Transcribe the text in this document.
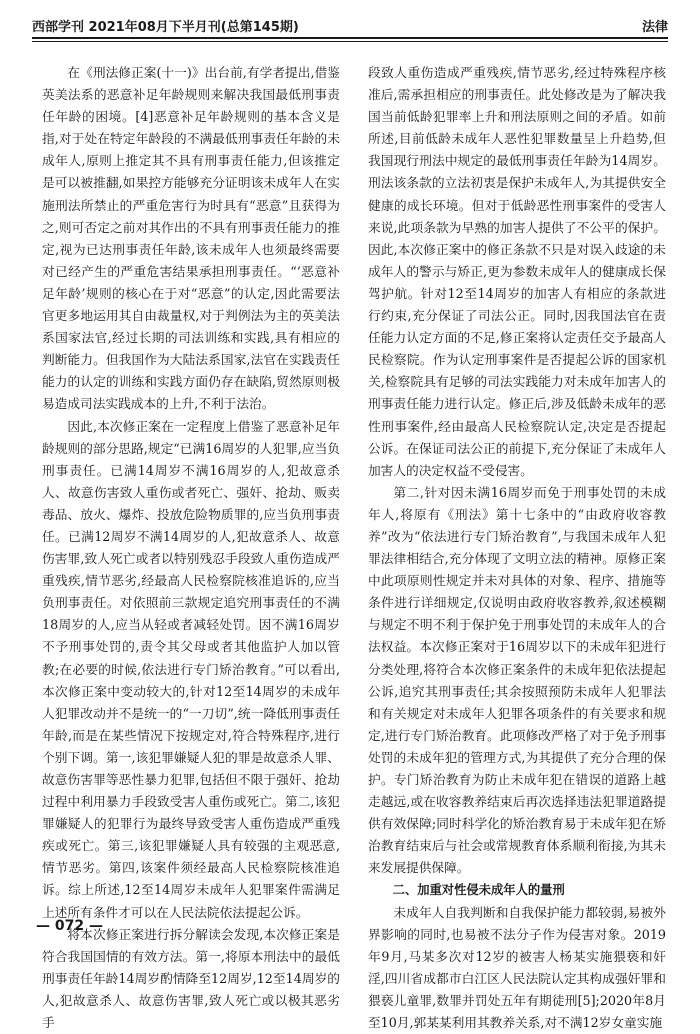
西部学刊 2021年08月下半月刊(总第145期)	法律

在《刑法修正案(十一)》出台前,有学者提出,借鉴英美法系的恶意补足年龄规则来解决我国最低刑事责任年龄的困境。[4]恶意补足年龄规则的基本含义是指,对于处在特定年龄段的不满最低刑事责任年龄的未成年人,原则上推定其不具有刑事责任能力,但该推定是可以被推翻,如果控方能够充分证明该未成年人在实施刑法所禁止的严重危害行为时具有“恶意”且获得为之,则可否定之前对其作出的不具有刑事责任能力的推定,视为已达刑事责任年龄,该未成年人也须最终需要对已经产生的严重危害结果承担刑事责任。“‘恶意补足年龄’规则的核心在于对“恶意”的认定,因此需要法官更多地运用其自由裁量权,对于判例法为主的英美法系国家法官,经过长期的司法训练和实践,具有相应的判断能力。但我国作为大陆法系国家,法官在实践责任能力的认定的训练和实践方面仍存在缺陷,贸然原则极易造成司法实践成本的上升,不利于法治。

因此,本次修正案在一定程度上借鉴了恶意补足年龄规则的部分思路,规定“已满16周岁的人犯罪,应当负刑事责任。已满14周岁不满16周岁的人,犯故意杀人、故意伤害致人重伤或者死亡、强奸、抢劫、贩卖毒品、放火、爆炸、投放危险物质罪的,应当负刑事责任。已满12周岁不满14周岁的人,犯故意杀人、故意伤害罪,致人死亡或者以特别残忍手段致人重伤造成严重残疾,情节恶劣,经最高人民检察院核准追诉的,应当负刑事责任。对依照前三款规定追究刑事责任的不满18周岁的人,应当从轻或者减轻处罚。因不满16周岁不予刑事处罚的,责令其父母或者其他监护人加以管教;在必要的时候,依法进行专门矫治教育。”可以看出,本次修正案中变动较大的,针对12至14周岁的未成年人犯罪改动并不是统一的“一刀切”,统一降低刑事责任年龄,而是在某些情况下按规定对,符合特殊程序,进行个别下调。第一,该犯罪嫌疑人犯的罪是故意杀人罪、故意伤害罪等恶性暴力犯罪,包括但不限于强奸、抢劫过程中利用暴力手段致受害人重伤或死亡。第二,该犯罪嫌疑人的犯罪行为最终导致受害人重伤造成严重残疾或死亡。第三,该犯罪嫌疑人具有较强的主观恶意,情节恶劣。第四,该案件须经最高人民检察院核准追诉。综上所述,12至14周岁未成年人犯罪案件需满足上述所有条件才可以在人民法院依法提起公诉。

将本次修正案进行拆分解读会发现,本次修正案是符合我国国情的有效方法。第一,将原本刑法中的最低刑事责任年龄14周岁酌情降至12周岁,12至14周岁的人,犯故意杀人、故意伤害罪,致人死亡或以极其恶劣手

段致人重伤造成严重残疾,情节恶劣,经过特殊程序核准后,需承担相应的刑事责任。此处修改是为了解决我国当前低龄犯罪率上升和刑法原则之间的矛盾。如前所述,目前低龄未成年人恶性犯罪数量呈上升趋势,但我国现行刑法中规定的最低刑事责任年龄为14周岁。刑法该条款的立法初衷是保护未成年人,为其提供安全健康的成长环境。但对于低龄恶性刑事案件的受害人来说,此项条款为早熟的加害人提供了不公平的保护。因此,本次修正案中的修正条款不只是对误入歧途的未成年人的警示与矫正,更为参数未成年人的健康成长保驾护航。针对12至14周岁的加害人有相应的条款进行约束,充分保证了司法公正。同时,因我国法官在责任能力认定方面的不足,修正案将认定责任交予最高人民检察院。作为认定刑事案件是否提起公诉的国家机关,检察院具有足够的司法实践能力对未成年加害人的刑事责任能力进行认定。修正后,涉及低龄未成年的恶性刑事案件,经由最高人民检察院认定,决定是否提起公诉。在保证司法公正的前提下,充分保证了未成年人加害人的决定权益不受侵害。

第二,针对因未满16周岁而免于刑事处罚的未成年人,将原有《刑法》第十七条中的“由政府收容教养”改为“依法进行专门矫治教育”,与我国未成年人犯罪法律相结合,充分体现了文明立法的精神。原修正案中此项原则性规定并未对具体的对象、程序、措施等条件进行详细规定,仅说明由政府收容教养,叙述模糊与规定不明不利于保护免于刑事处罚的未成年人的合法权益。本次修正案对于16周岁以下的未成年犯进行分类处理,将符合本次修正案条件的未成年犯依法提起公诉,追究其刑事责任;其余按照预防未成年人犯罪法和有关规定对未成年人犯罪各项条件的有关要求和规定,进行专门矫治教育。此项修改严格了对于免予刑事处罚的未成年犯的管理方式,为其提供了充分合理的保护。专门矫治教育为防止未成年犯在错误的道路上越走越远,或在收容教养结束后再次选择违法犯罪道路提供有效保障;同时科学化的矫治教育易于未成年犯在矫治教育结束后与社会或常规教育体系顺利衔接,为其未来发展提供保障。

二、加重对性侵未成年人的量刑

未成年人自我判断和自我保护能力都较弱,易被外界影响的同时,也易被不法分子作为侵害对象。2019年9月,马某多次对12岁的被害人杨某实施猥亵和奸淫,四川省成都市白江区人民法院认定其构成强奸罪和猥亵儿童罪,数罪并罚处五年有期徒刑[5];2020年8月至10月,郭某某利用其教养关系,对不满12岁女童实施

— 072 —
